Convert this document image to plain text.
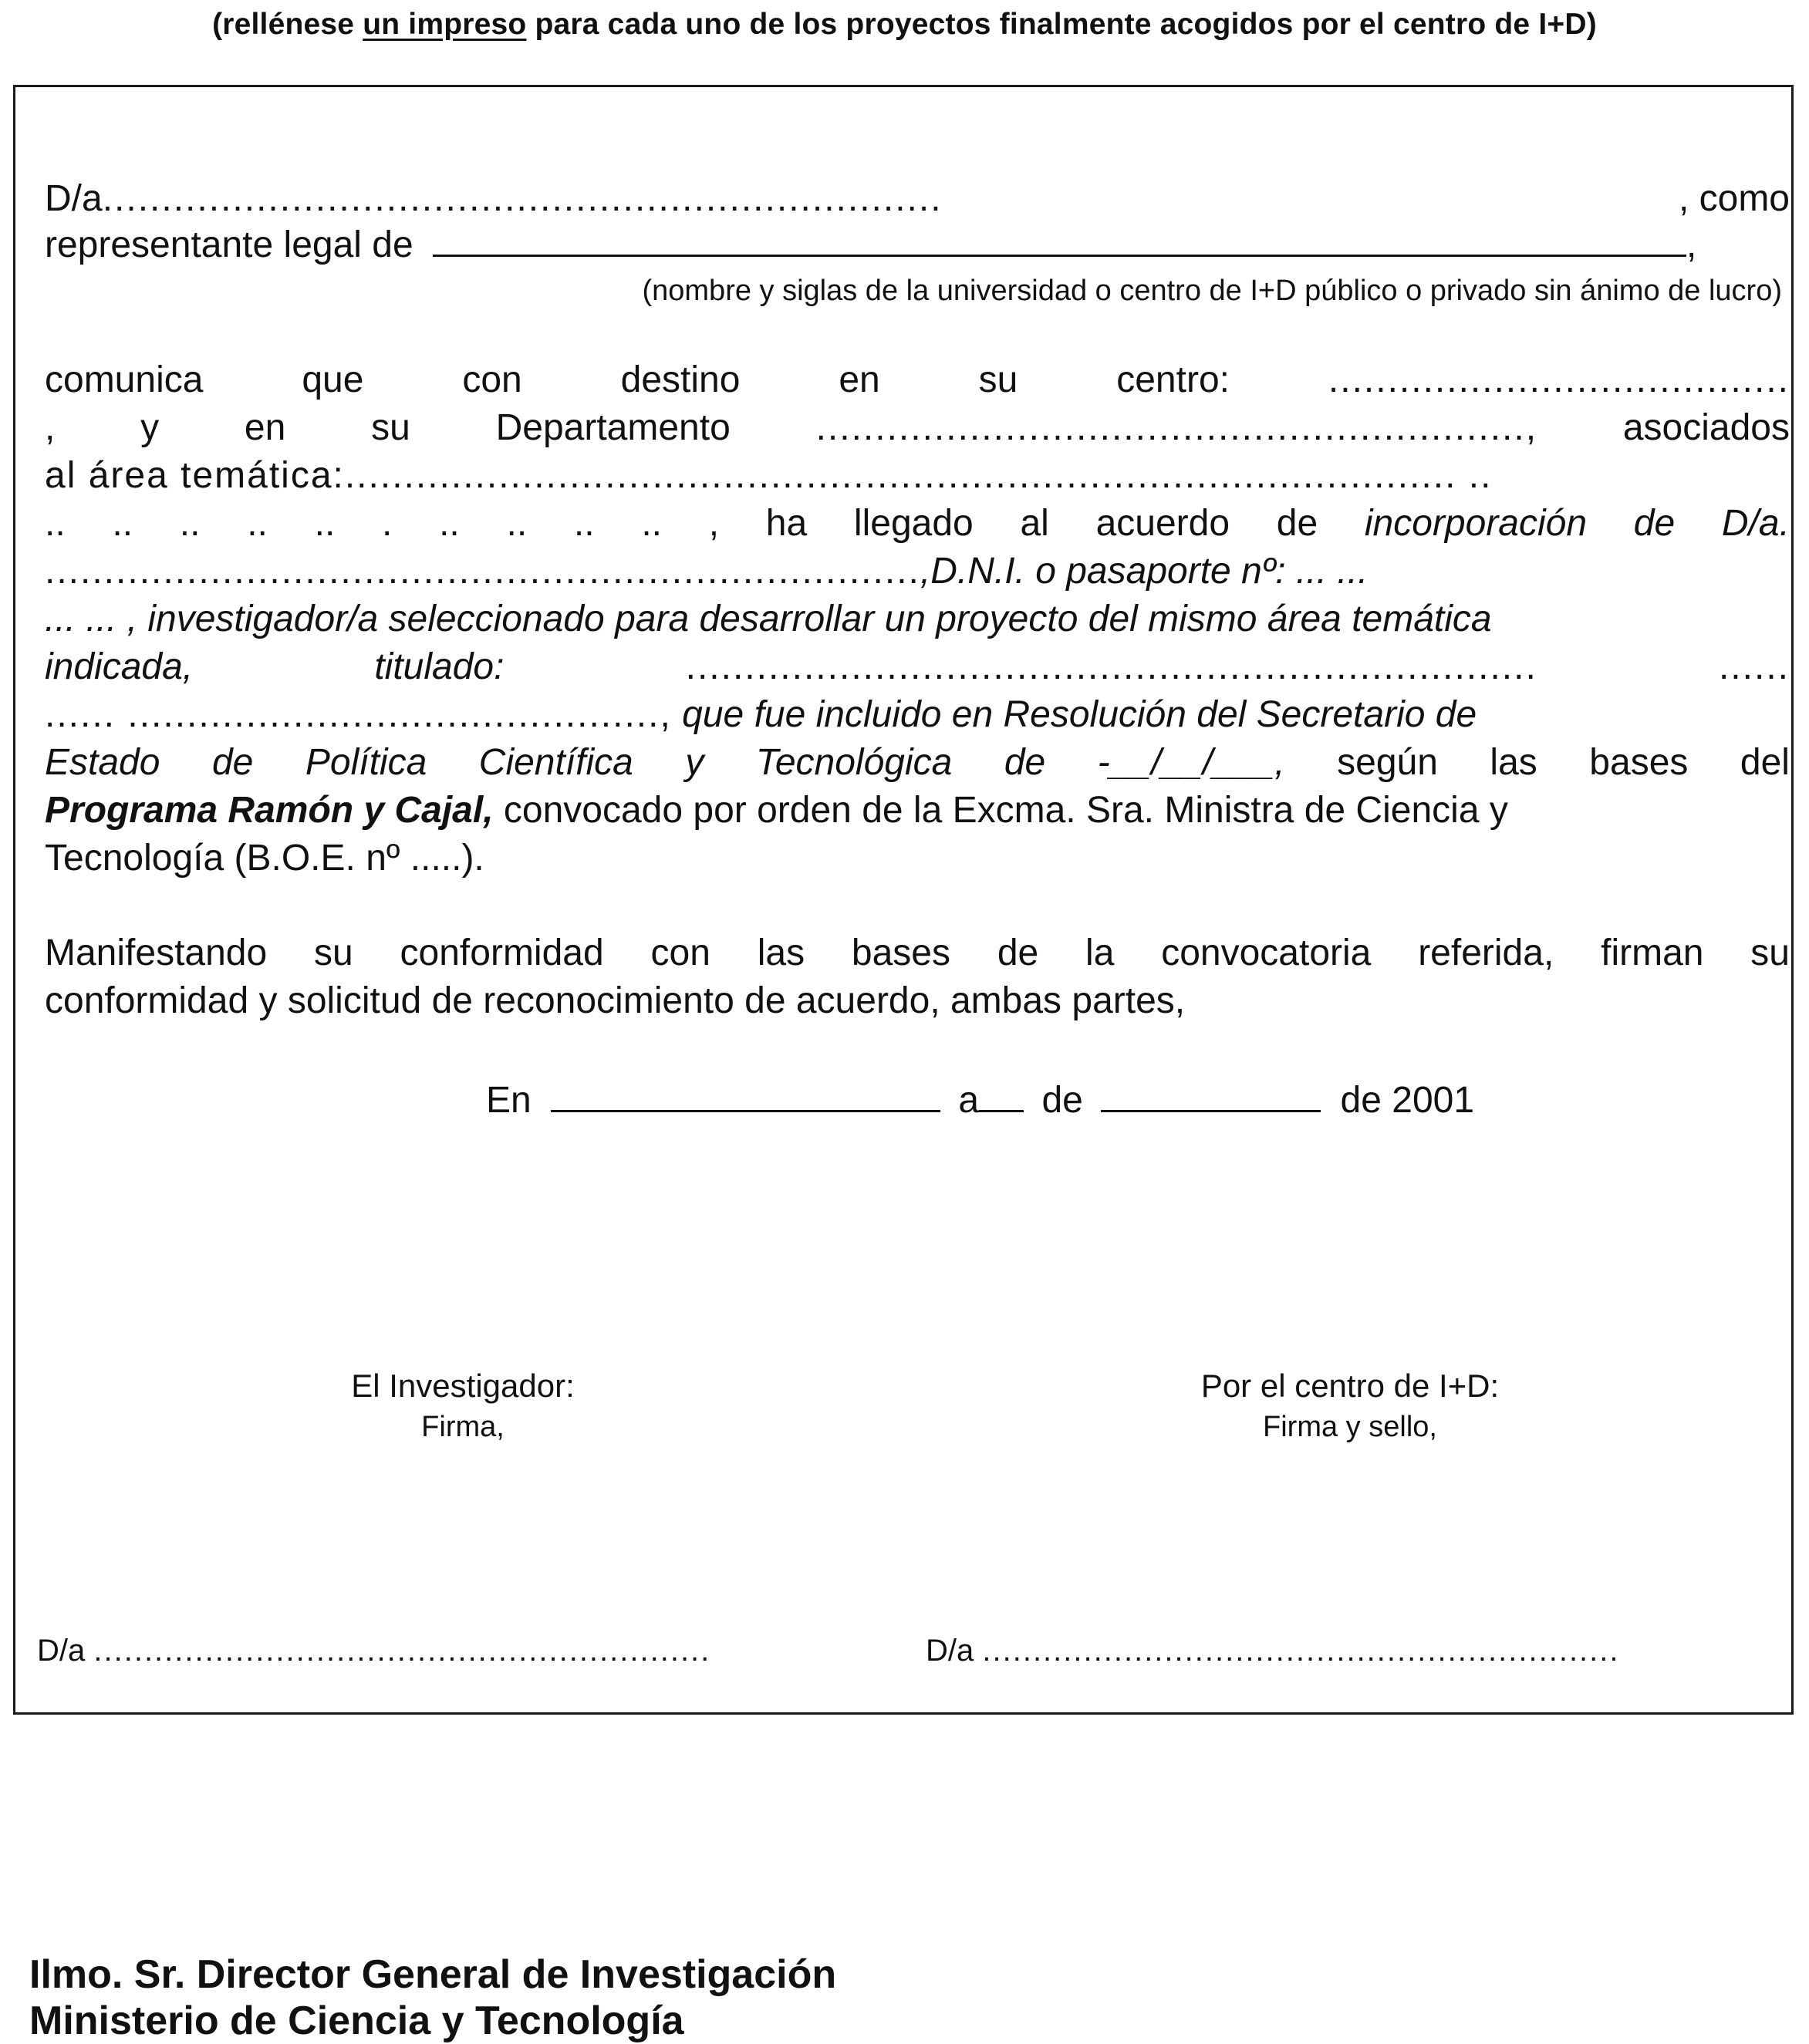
(rellénese un impreso para cada uno de los proyectos finalmente acogidos por el centro de I+D)
D/a.......................................................................	, como
representante legal de	,
(nombre y siglas de la universidad o centro de I+D público o privado sin ánimo de lucro)
comunica	que	con	destino	en	su	centro:	.......................................
, y en su Departamento ............................................................, asociados
al área temática:.............................................................................................. ..
.. .. .. .. .. . .. .. .. .. , ha llegado al acuerdo de incorporación de D/a.
..........................................................................,D.N.I. o pasaporte nº: ... ...
... ... , investigador/a seleccionado para desarrollar un proyecto del mismo área temática
indicada,	titulado:	........................................................................	......
...... ............................................., que fue incluido en Resolución del Secretario de
Estado de Política Científica y Tecnológica de -__/__/___, según las bases del
Programa Ramón y Cajal, convocado por orden de la Excma. Sra. Ministra de Ciencia y
Tecnología (B.O.E. nº .....).
Manifestando su conformidad con las bases de la convocatoria referida, firman su
conformidad y solicitud de reconocimiento de acuerdo, ambas partes,
En	a de	de 2001
El Investigador:
Firma,
Por el centro de I+D:
Firma y sello,
D/a .............................................................	D/a ...............................................................
Ilmo. Sr. Director General de Investigación
Ministerio de Ciencia y Tecnología
